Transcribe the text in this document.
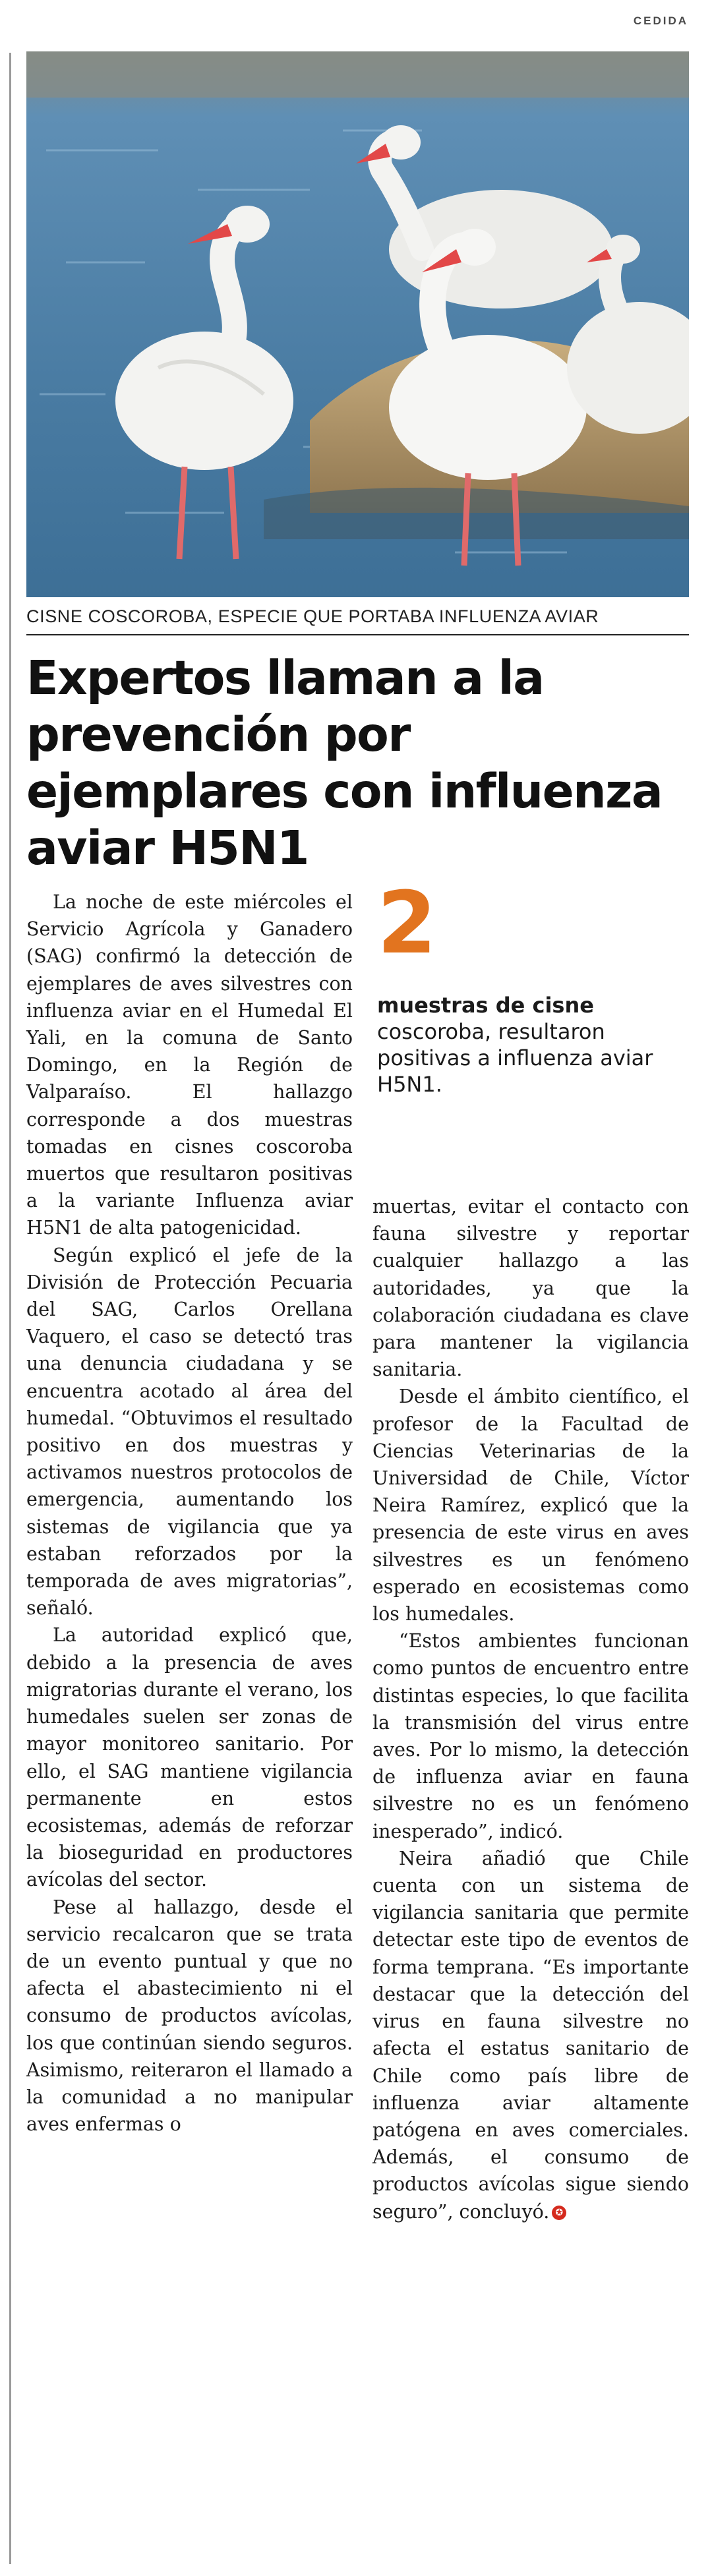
CEDIDA
CISNE COSCOROBA, ESPECIE QUE PORTABA INFLUENZA AVIAR
Expertos llaman a la prevención por ejemplares con influenza aviar H5N1

La noche de este miércoles el Servicio Agrícola y Ganadero (SAG) confirmó la detección de ejemplares de aves silvestres con influenza aviar en el Humedal El Yali, en la comuna de Santo Domingo, en la Región de Valparaíso. El hallazgo corresponde a dos muestras tomadas en cisnes coscoroba muertos que resultaron positivas a la variante Influenza aviar H5N1 de alta patogenicidad.

Según explicó el jefe de la División de Protección Pecuaria del SAG, Carlos Orellana Vaquero, el caso se detectó tras una denuncia ciudadana y se encuentra acotado al área del humedal. “Obtuvimos el resultado positivo en dos muestras y activamos nuestros protocolos de emergencia, aumentando los sistemas de vigilancia que ya estaban reforzados por la temporada de aves migratorias”, señaló.

La autoridad explicó que, debido a la presencia de aves migratorias durante el verano, los humedales suelen ser zonas de mayor monitoreo sanitario. Por ello, el SAG mantiene vigilancia permanente en estos ecosistemas, además de reforzar la bioseguridad en productores avícolas del sector.

Pese al hallazgo, desde el servicio recalcaron que se trata de un evento puntual y que no afecta el abastecimiento ni el consumo de productos avícolas, los que continúan siendo seguros. Asimismo, reiteraron el llamado a la comunidad a no manipular aves enfermas o

2

muestras de cisne coscoroba, resultaron positivas a influenza aviar H5N1.

muertas, evitar el contacto con fauna silvestre y reportar cualquier hallazgo a las autoridades, ya que la colaboración ciudadana es clave para mantener la vigilancia sanitaria.

Desde el ámbito científico, el profesor de la Facultad de Ciencias Veterinarias de la Universidad de Chile, Víctor Neira Ramírez, explicó que la presencia de este virus en aves silvestres es un fenómeno esperado en ecosistemas como los humedales.

“Estos ambientes funcionan como puntos de encuentro entre distintas especies, lo que facilita la transmisión del virus entre aves. Por lo mismo, la detección de influenza aviar en fauna silvestre no es un fenómeno inesperado”, indicó.

Neira añadió que Chile cuenta con un sistema de vigilancia sanitaria que permite detectar este tipo de eventos de forma temprana. “Es importante destacar que la detección del virus en fauna silvestre no afecta el estatus sanitario de Chile como país libre de influenza aviar altamente patógena en aves comerciales. Además, el consumo de productos avícolas sigue siendo seguro”, concluyó. ✪
